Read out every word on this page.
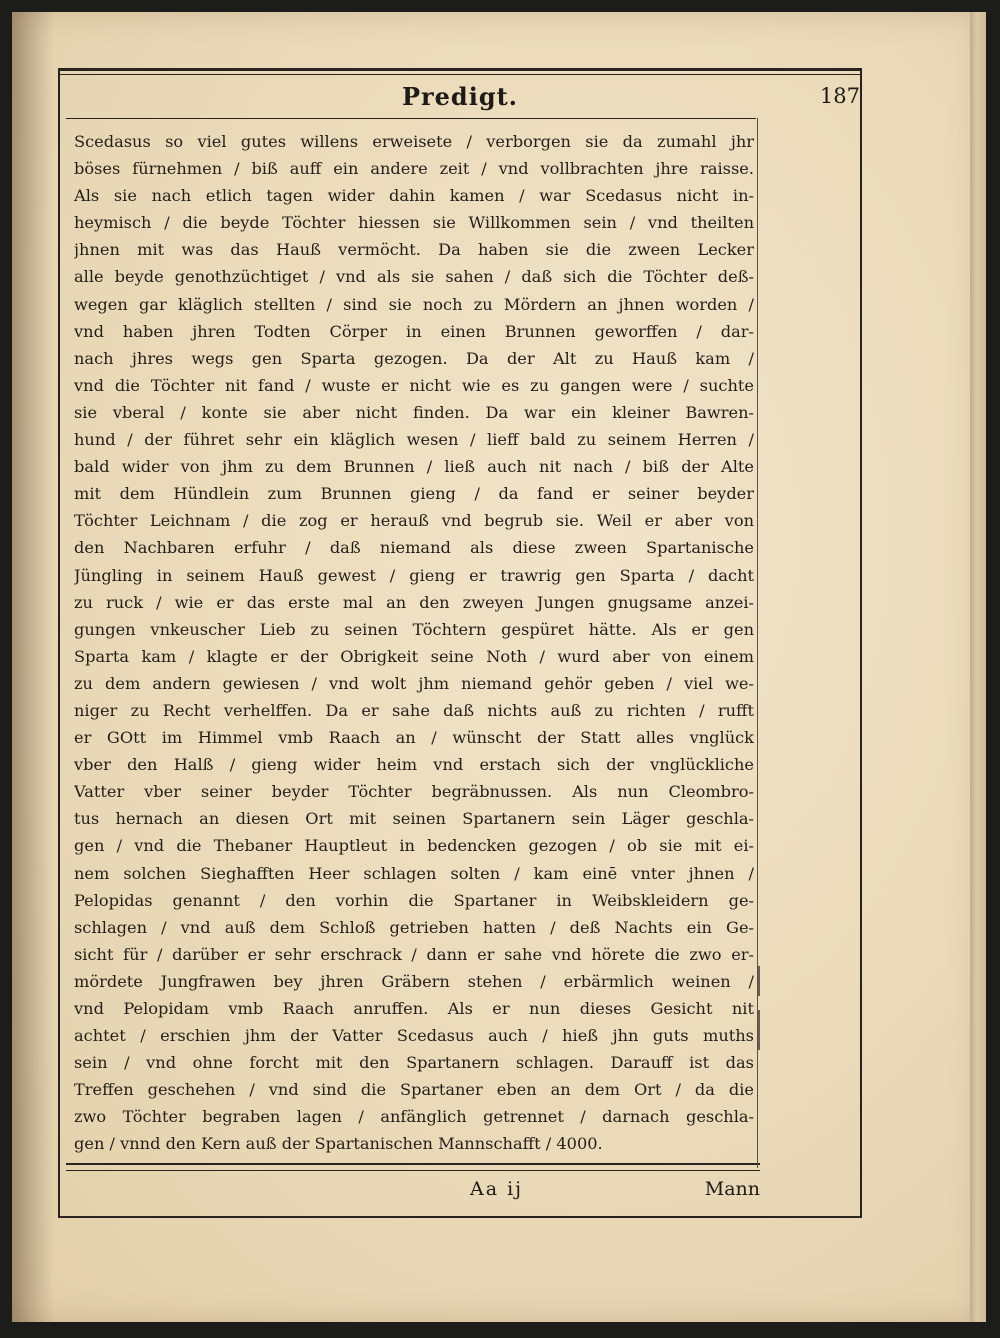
Predigt.	187
Scedasus so viel gutes willens erweisete / verborgen sie da zumahl jhr
böses fürnehmen / biß auff ein andere zeit / vnd vollbrachten jhre raisse.
Als sie nach etlich tagen wider dahin kamen / war Scedasus nicht in-
heymisch / die beyde Töchter hiessen sie Willkommen sein / vnd theilten
jhnen mit was das Hauß vermöcht. Da haben sie die zween Lecker
alle beyde genothzüchtiget / vnd als sie sahen / daß sich die Töchter deß-
wegen gar kläglich stellten / sind sie noch zu Mördern an jhnen worden /
vnd haben jhren Todten Cörper in einen Brunnen geworffen / dar-
nach jhres wegs gen Sparta gezogen. Da der Alt zu Hauß kam /
vnd die Töchter nit fand / wuste er nicht wie es zu gangen were / suchte
sie vberal / konte sie aber nicht finden. Da war ein kleiner Bawren-
hund / der führet sehr ein kläglich wesen / lieff bald zu seinem Herren /
bald wider von jhm zu dem Brunnen / ließ auch nit nach / biß der Alte
mit dem Hündlein zum Brunnen gieng / da fand er seiner beyder
Töchter Leichnam / die zog er herauß vnd begrub sie. Weil er aber von
den Nachbaren erfuhr / daß niemand als diese zween Spartanische
Jüngling in seinem Hauß gewest / gieng er trawrig gen Sparta / dacht
zu ruck / wie er das erste mal an den zweyen Jungen gnugsame anzei-
gungen vnkeuscher Lieb zu seinen Töchtern gespüret hätte. Als er gen
Sparta kam / klagte er der Obrigkeit seine Noth / wurd aber von einem
zu dem andern gewiesen / vnd wolt jhm niemand gehör geben / viel we-
niger zu Recht verhelffen. Da er sahe daß nichts auß zu richten / rufft
er GOtt im Himmel vmb Raach an / wünscht der Statt alles vnglück
vber den Halß / gieng wider heim vnd erstach sich der vnglückliche
Vatter vber seiner beyder Töchter begräbnussen. Als nun Cleombro-
tus hernach an diesen Ort mit seinen Spartanern sein Läger geschla-
gen / vnd die Thebaner Hauptleut in bedencken gezogen / ob sie mit ei-
nem solchen Sieghafften Heer schlagen solten / kam einē vnter jhnen /
Pelopidas genannt / den vorhin die Spartaner in Weibskleidern ge-
schlagen / vnd auß dem Schloß getrieben hatten / deß Nachts ein Ge-
sicht für / darüber er sehr erschrack / dann er sahe vnd hörete die zwo er-
mördete Jungfrawen bey jhren Gräbern stehen / erbärmlich weinen /
vnd Pelopidam vmb Raach anruffen. Als er nun dieses Gesicht nit
achtet / erschien jhm der Vatter Scedasus auch / hieß jhn guts muths
sein / vnd ohne forcht mit den Spartanern schlagen. Darauff ist das
Treffen geschehen / vnd sind die Spartaner eben an dem Ort / da die
zwo Töchter begraben lagen / anfänglich getrennet / darnach geschla-
gen / vnnd den Kern auß der Spartanischen Mannschafft / 4000.
Aa ij	Mann
